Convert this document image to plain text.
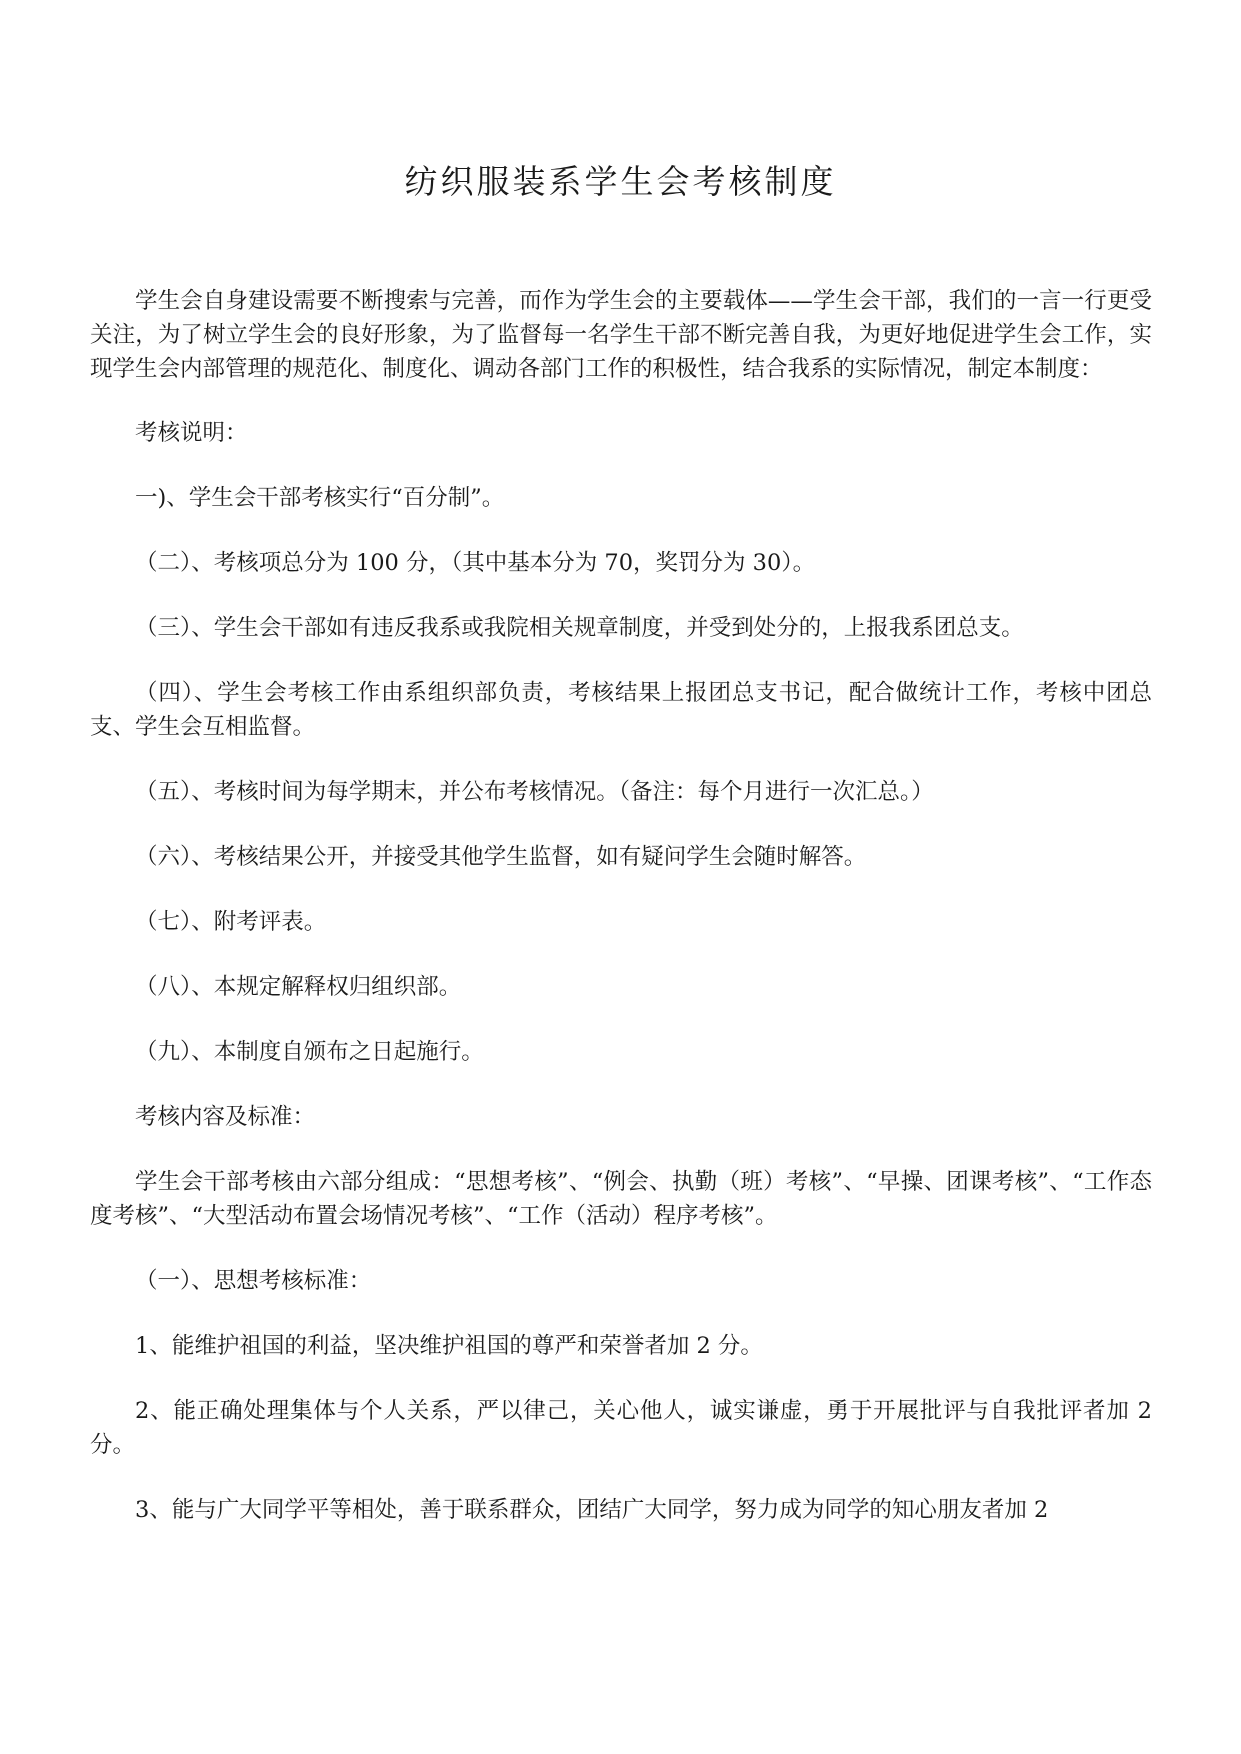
纺织服装系学生会考核制度

学生会自身建设需要不断搜索与完善，而作为学生会的主要载体——学生会干部，我们的一言一行更受关注，为了树立学生会的良好形象，为了监督每一名学生干部不断完善自我，为更好地促进学生会工作，实现学生会内部管理的规范化、制度化、调动各部门工作的积极性，结合我系的实际情况，制定本制度：

考核说明：

一)、学生会干部考核实行“百分制”。

（二）、考核项总分为 100 分，（其中基本分为 70，奖罚分为 30）。

（三）、学生会干部如有违反我系或我院相关规章制度，并受到处分的，上报我系团总支。

（四）、学生会考核工作由系组织部负责，考核结果上报团总支书记，配合做统计工作，考核中团总支、学生会互相监督。

（五）、考核时间为每学期末，并公布考核情况。（备注：每个月进行一次汇总。）

（六）、考核结果公开，并接受其他学生监督，如有疑问学生会随时解答。

（七）、附考评表。

（八）、本规定解释权归组织部。

（九）、本制度自颁布之日起施行。

考核内容及标准：

学生会干部考核由六部分组成：“思想考核”、“例会、执勤（班）考核”、“早操、团课考核”、“工作态度考核”、“大型活动布置会场情况考核”、“工作（活动）程序考核”。

（一）、思想考核标准：

1、能维护祖国的利益，坚决维护祖国的尊严和荣誉者加 2 分。

2、能正确处理集体与个人关系，严以律己，关心他人，诚实谦虚，勇于开展批评与自我批评者加 2 分。

3、能与广大同学平等相处，善于联系群众，团结广大同学，努力成为同学的知心朋友者加 2
